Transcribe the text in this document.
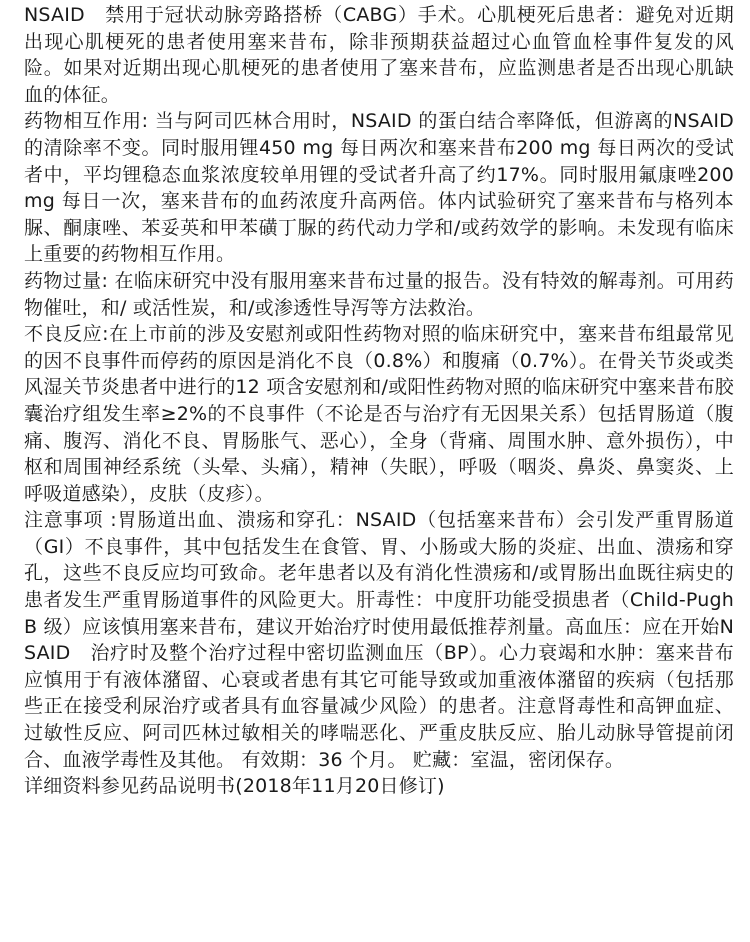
NSAID　禁用于冠状动脉旁路搭桥（CABG）手术。心肌梗死后患者：避免对近期出现心肌梗死的患者使用塞来昔布，除非预期获益超过心血管血栓事件复发的风险。如果对近期出现心肌梗死的患者使用了塞来昔布，应监测患者是否出现心肌缺血的体征。

药物相互作用: 当与阿司匹林合用时，NSAID 的蛋白结合率降低，但游离的NSAID 的清除率不变。同时服用锂450 mg 每日两次和塞来昔布200 mg 每日两次的受试者中，平均锂稳态血浆浓度较单用锂的受试者升高了约17%。同时服用氟康唑200 mg 每日一次，塞来昔布的血药浓度升高两倍。体内试验研究了塞来昔布与格列本脲、酮康唑、苯妥英和甲苯磺丁脲的药代动力学和/或药效学的影响。未发现有临床上重要的药物相互作用。

药物过量: 在临床研究中没有服用塞来昔布过量的报告。没有特效的解毒剂。可用药物催吐，和/ 或活性炭，和/或渗透性导泻等方法救治。

不良反应:在上市前的涉及安慰剂或阳性药物对照的临床研究中，塞来昔布组最常见的因不良事件而停药的原因是消化不良（0.8%）和腹痛（0.7%）。在骨关节炎或类风湿关节炎患者中进行的12 项含安慰剂和/或阳性药物对照的临床研究中塞来昔布胶囊治疗组发生率≥2%的不良事件（不论是否与治疗有无因果关系）包括胃肠道（腹痛、腹泻、消化不良、胃肠胀气、恶心），全身（背痛、周围水肿、意外损伤），中枢和周围神经系统（头晕、头痛），精神（失眠），呼吸（咽炎、鼻炎、鼻窦炎、上呼吸道感染），皮肤（皮疹）。

注意事项 :胃肠道出血、溃疡和穿孔：NSAID（包括塞来昔布）会引发严重胃肠道（GI）不良事件，其中包括发生在食管、胃、小肠或大肠的炎症、出血、溃疡和穿孔，这些不良反应均可致命。老年患者以及有消化性溃疡和/或胃肠出血既往病史的患者发生严重胃肠道事件的风险更大。肝毒性：中度肝功能受损患者（Child-Pugh B 级）应该慎用塞来昔布，建议开始治疗时使用最低推荐剂量。高血压：应在开始NSAID　治疗时及整个治疗过程中密切监测血压（BP）。心力衰竭和水肿：塞来昔布应慎用于有液体潴留、心衰或者患有其它可能导致或加重液体潴留的疾病（包括那些正在接受利尿治疗或者具有血容量减少风险）的患者。注意肾毒性和高钾血症、过敏性反应、阿司匹林过敏相关的哮喘恶化、严重皮肤反应、胎儿动脉导管提前闭合、血液学毒性及其他。 有效期：36 个月。 贮藏：室温，密闭保存。

详细资料参见药品说明书(2018年11月20日修订)
